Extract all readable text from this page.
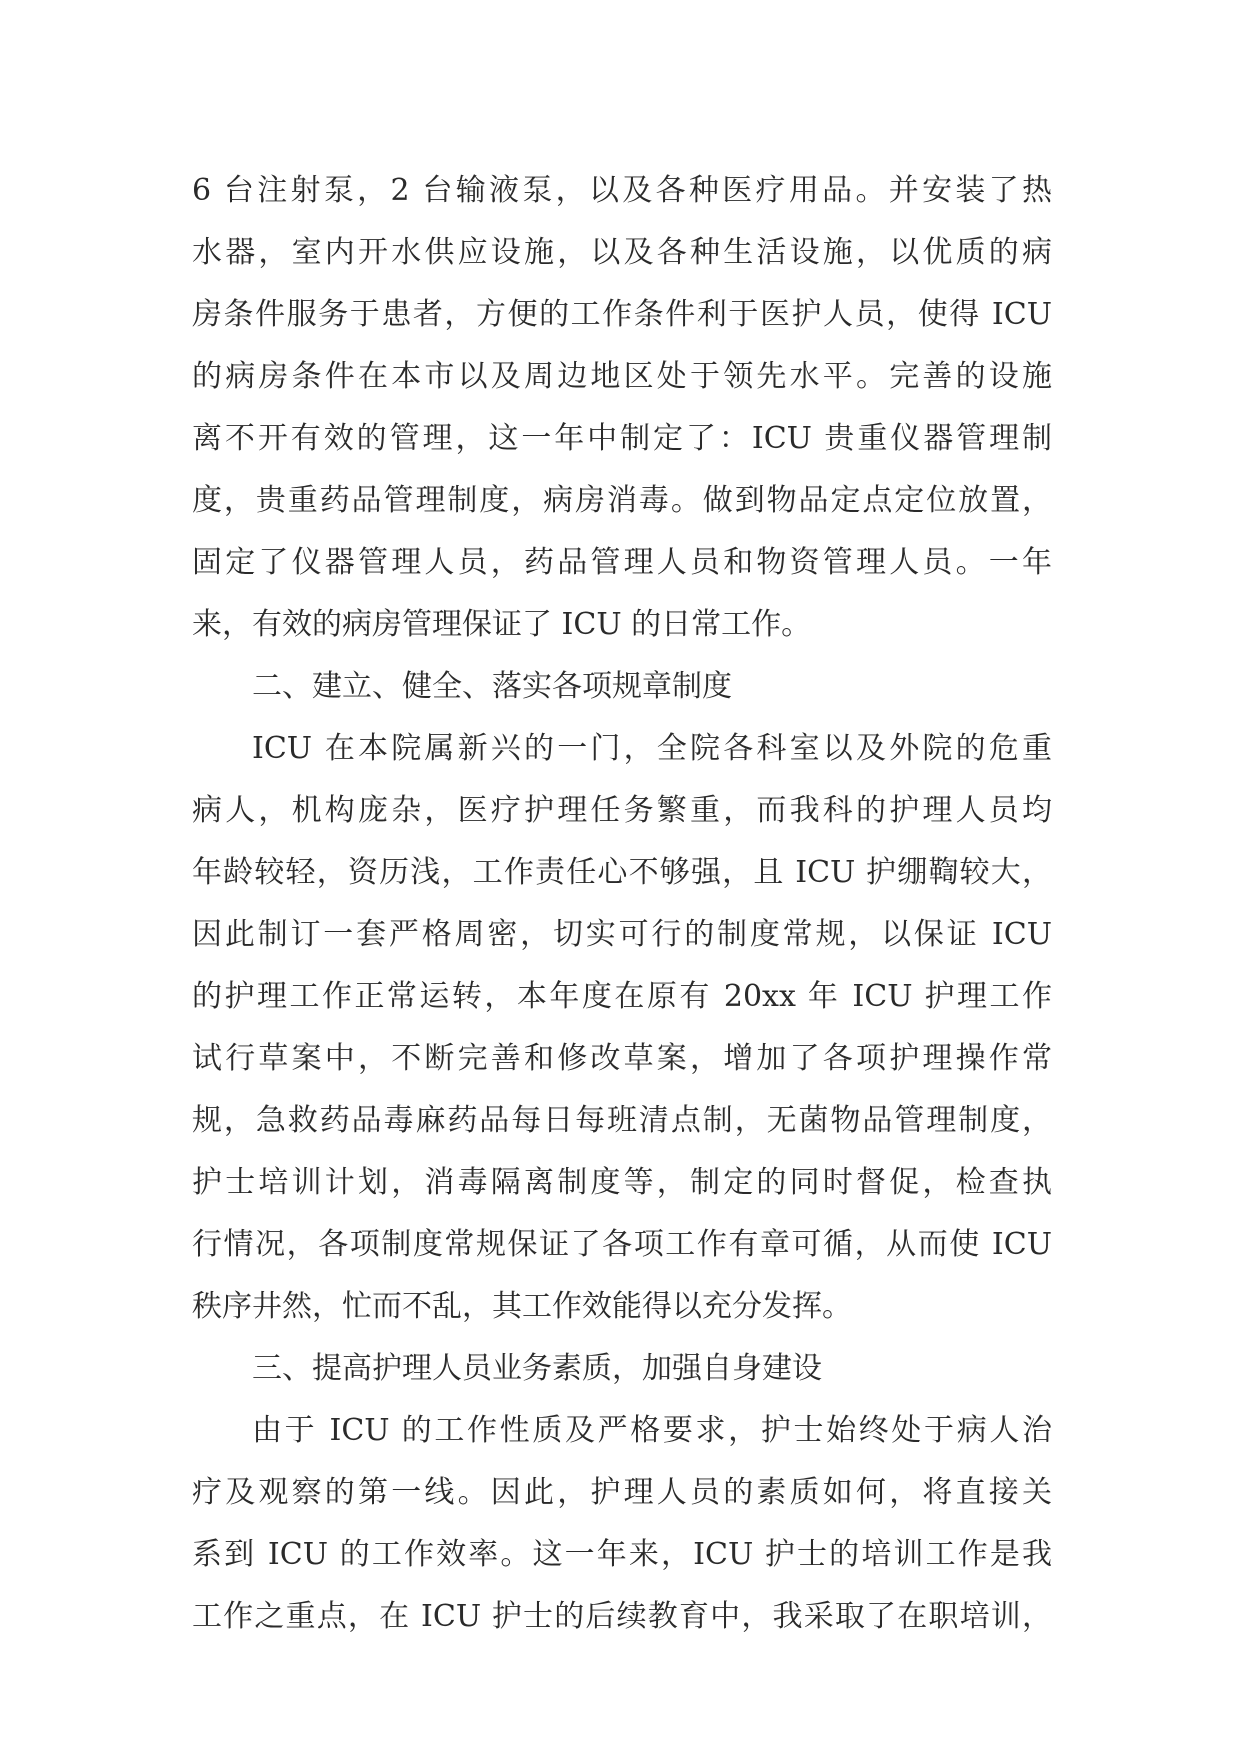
6 台注射泵，2 台输液泵，以及各种医疗用品。并安装了热
水器，室内开水供应设施，以及各种生活设施，以优质的病
房条件服务于患者，方便的工作条件利于医护人员，使得 ICU
的病房条件在本市以及周边地区处于领先水平。完善的设施
离不开有效的管理，这一年中制定了：ICU 贵重仪器管理制
度，贵重药品管理制度，病房消毒。做到物品定点定位放置，
固定了仪器管理人员，药品管理人员和物资管理人员。一年
来，有效的病房管理保证了 ICU 的日常工作。
二、建立、健全、落实各项规章制度
ICU 在本院属新兴的一门，全院各科室以及外院的危重
病人，机构庞杂，医疗护理任务繁重，而我科的护理人员均
年龄较轻，资历浅，工作责任心不够强，且 ICU 护绷鞫较大，
因此制订一套严格周密，切实可行的制度常规，以保证 ICU
的护理工作正常运转，本年度在原有 20xx 年 ICU 护理工作
试行草案中，不断完善和修改草案，增加了各项护理操作常
规，急救药品毒麻药品每日每班清点制，无菌物品管理制度，
护士培训计划，消毒隔离制度等，制定的同时督促，检查执
行情况，各项制度常规保证了各项工作有章可循，从而使 ICU
秩序井然，忙而不乱，其工作效能得以充分发挥。
三、提高护理人员业务素质，加强自身建设
由于 ICU 的工作性质及严格要求，护士始终处于病人治
疗及观察的第一线。因此，护理人员的素质如何，将直接关
系到 ICU 的工作效率。这一年来，ICU 护士的培训工作是我
工作之重点，在 ICU 护士的后续教育中，我采取了在职培训，
